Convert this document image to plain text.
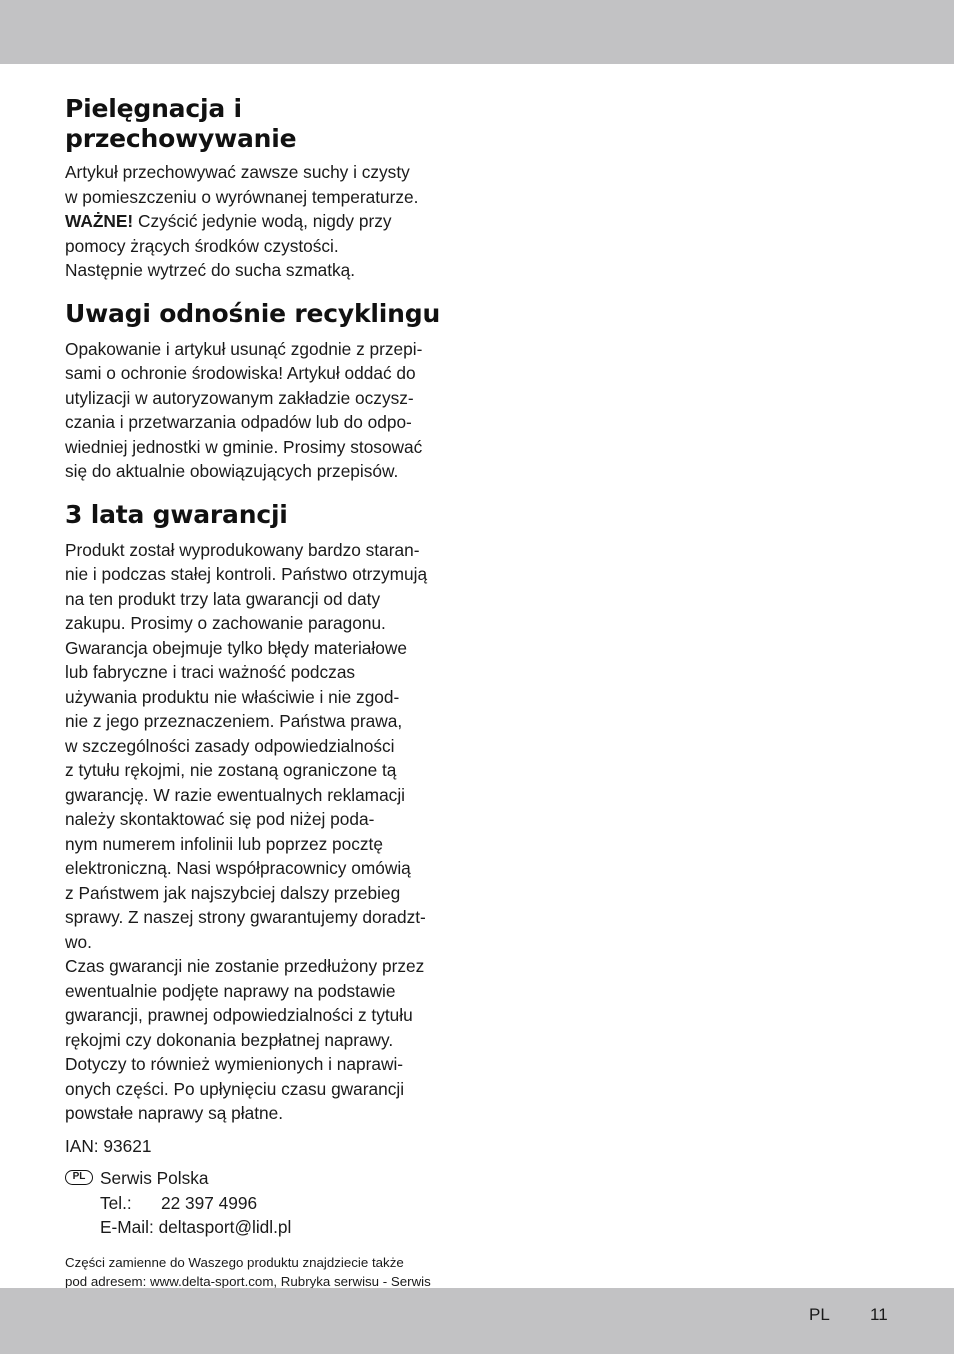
Pielęgnacja i przechowywanie
Artykuł przechowywać zawsze suchy i czysty
w pomieszczeniu o wyrównanej temperaturze.
WAŻNE! Czyścić jedynie wodą, nigdy przy
pomocy żrących środków czystości.
Następnie wytrzeć do sucha szmatką.
Uwagi odnośnie recyklingu
Opakowanie i artykuł usunąć zgodnie z przepi-
sami o ochronie środowiska! Artykuł oddać do
utylizacji w autoryzowanym zakładzie oczysz-
czania i przetwarzania odpadów lub do odpo-
wiedniej jednostki w gminie. Prosimy stosować
się do aktualnie obowiązujących przepisów.
3 lata gwarancji
Produkt został wyprodukowany bardzo staran-
nie i podczas stałej kontroli. Państwo otrzymują
na ten produkt trzy lata gwarancji od daty
zakupu. Prosimy o zachowanie paragonu.
Gwarancja obejmuje tylko błędy materiałowe
lub fabryczne i traci ważność podczas
używania produktu nie właściwie i nie zgod-
nie z jego przeznaczeniem. Państwa prawa,
w szczególności zasady odpowiedzialności
z tytułu rękojmi, nie zostaną ograniczone tą
gwarancję. W razie ewentualnych reklamacji
należy skontaktować się pod niżej poda-
nym numerem infolinii lub poprzez pocztę
elektroniczną. Nasi współpracownicy omówią
z Państwem jak najszybciej dalszy przebieg
sprawy. Z naszej strony gwarantujemy doradzt-
wo.
Czas gwarancji nie zostanie przedłużony przez
ewentualnie podjęte naprawy na podstawie
gwarancji, prawnej odpowiedzialności z tytułu
rękojmi czy dokonania bezpłatnej naprawy.
Dotyczy to również wymienionych i naprawi-
onych części. Po upłynięciu czasu gwarancji
powstałe naprawy są płatne.
IAN: 93621
PL Serwis Polska
Tel.: 22 397 4996
E-Mail: deltasport@lidl.pl
Części zamienne do Waszego produktu znajdziecie także
pod adresem: www.delta-sport.com, Rubryka serwisu - Serwis
PL 11
